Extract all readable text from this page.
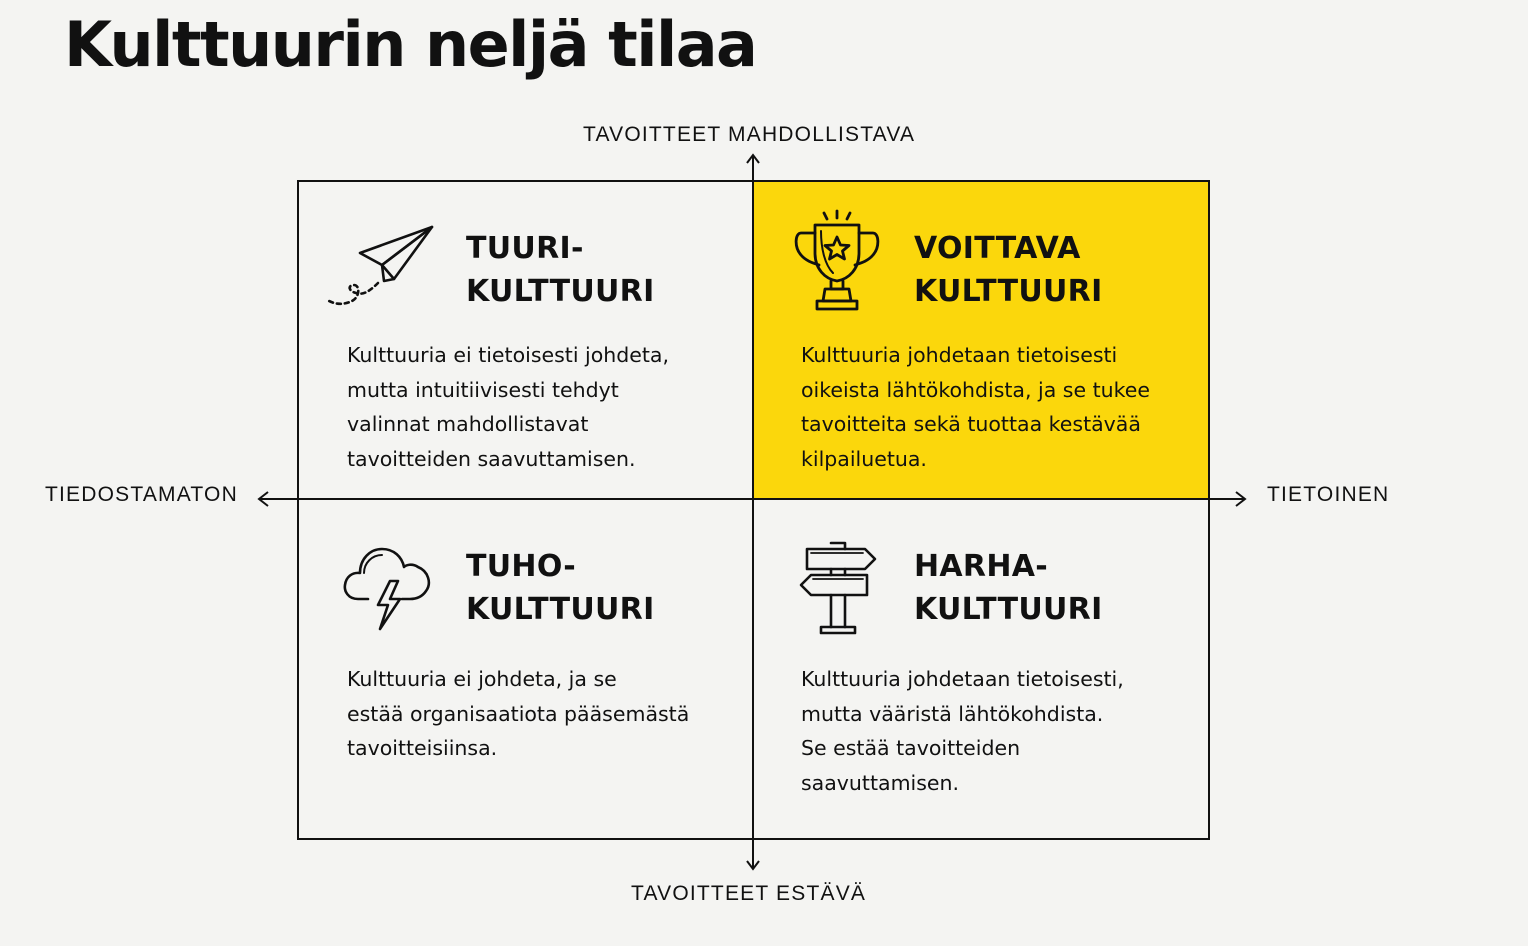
Kulttuurin neljä tilaa
TUURI-
KULTTUURI
Kulttuuria ei tietoisesti johdeta,
mutta intuitiivisesti tehdyt
valinnat mahdollistavat
tavoitteiden saavuttamisen.
VOITTAVA
KULTTUURI
Kulttuuria johdetaan tietoisesti
oikeista lähtökohdista, ja se tukee
tavoitteita sekä tuottaa kestävää
kilpailuetua.
TUHO-
KULTTUURI
Kulttuuria ei johdeta, ja se
estää organisaatiota pääsemästä
tavoitteisiinsa.
HARHA-
KULTTUURI
Kulttuuria johdetaan tietoisesti,
mutta vääristä lähtökohdista.
Se estää tavoitteiden
saavuttamisen.
TAVOITTEET MAHDOLLISTAVA
TAVOITTEET ESTÄVÄ
TIEDOSTAMATON	TIETOINEN
